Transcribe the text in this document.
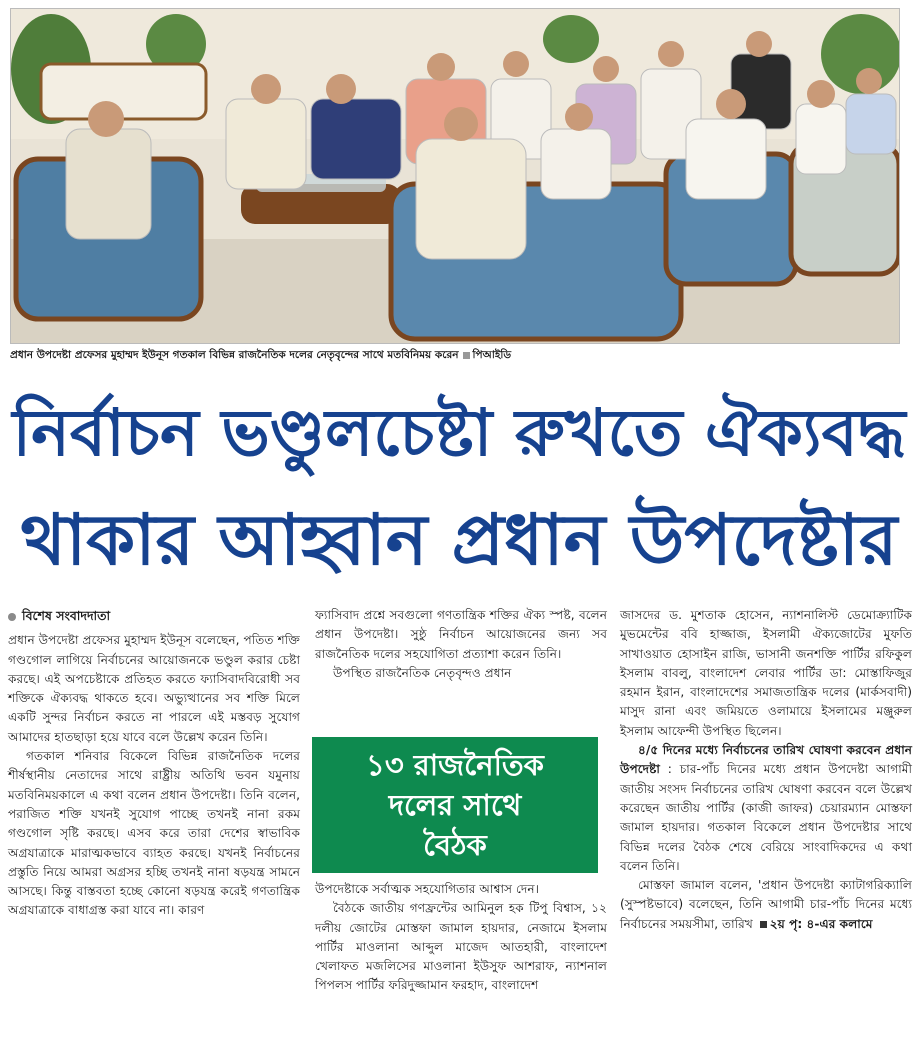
প্রধান উপদেষ্টা প্রফেসর মুহাম্মদ ইউনূস গতকাল বিভিন্ন রাজনৈতিক দলের নেতৃবৃন্দের সাথে মতবিনিময় করেন পিআইডি
নির্বাচন ভণ্ডুলচেষ্টা রুখতে ঐক্যবদ্ধ
থাকার আহ্বান প্রধান উপদেষ্টার
বিশেষ সংবাদদাতা

প্রধান উপদেষ্টা প্রফেসর মুহাম্মদ ইউনূস বলেছেন, পতিত শক্তি গণ্ডগোল লাগিয়ে নির্বাচনের আয়োজনকে ভণ্ডুল করার চেষ্টা করছে। এই অপচেষ্টাকে প্রতিহত করতে ফ্যাসিবাদবিরোধী সব শক্তিকে ঐক্যবদ্ধ থাকতে হবে। অভ্যুত্থানের সব শক্তি মিলে একটি সুন্দর নির্বাচন করতে না পারলে এই মস্তবড় সুযোগ আমাদের হাতছাড়া হয়ে যাবে বলে উল্লেখ করেন তিনি।

গতকাল শনিবার বিকেলে বিভিন্ন রাজনৈতিক দলের শীর্ষস্থানীয় নেতাদের সাথে রাষ্ট্রীয় অতিথি ভবন যমুনায় মতবিনিময়কালে এ কথা বলেন প্রধান উপদেষ্টা। তিনি বলেন, পরাজিত শক্তি যখনই সুযোগ পাচ্ছে তখনই নানা রকম গণ্ডগোল সৃষ্টি করছে। এসব করে তারা দেশের স্বাভাবিক অগ্রযাত্রাকে মারাত্মকভাবে ব্যাহত করছে। যখনই নির্বাচনের প্রস্তুতি নিয়ে আমরা অগ্রসর হচ্ছি তখনই নানা ষড়যন্ত্র সামনে আসছে। কিন্তু বাস্তবতা হচ্ছে কোনো ষড়যন্ত্র করেই গণতান্ত্রিক অগ্রযাত্রাকে বাধাগ্রস্ত করা যাবে না। কারণ

ফ্যাসিবাদ প্রশ্নে সবগুলো গণতান্ত্রিক শক্তির ঐক্য স্পষ্ট, বলেন প্রধান উপদেষ্টা। সুষ্ঠু নির্বাচন আয়োজনের জন্য সব রাজনৈতিক দলের সহযোগিতা প্রত্যাশা করেন তিনি।

উপস্থিত রাজনৈতিক নেতৃবৃন্দও প্রধান

১৩ রাজনৈতিক
দলের সাথে
বৈঠক

উপদেষ্টাকে সর্বাত্মক সহযোগিতার আশ্বাস দেন।

বৈঠকে জাতীয় গণফ্রন্টের আমিনুল হক টিপু বিশ্বাস, ১২ দলীয় জোটের মোস্তফা জামাল হায়দার, নেজামে ইসলাম পার্টির মাওলানা আব্দুল মাজেদ আতহারী, বাংলাদেশ খেলাফত মজলিসের মাওলানা ইউসুফ আশরাফ, ন্যাশনাল পিপলস পার্টির ফরিদুজ্জামান ফরহাদ, বাংলাদেশ

জাসদের ড. মুশতাক হোসেন, ন্যাশনালিস্ট ডেমোক্র্যাটিক মুভমেন্টের ববি হাজ্জাজ, ইসলামী ঐক্যজোটের মুফতি সাখাওয়াত হোসাইন রাজি, ভাসানী জনশক্তি পার্টির রফিকুল ইসলাম বাবলু, বাংলাদেশ লেবার পার্টির ডা: মোস্তাফিজুর রহমান ইরান, বাংলাদেশের সমাজতান্ত্রিক দলের (মার্কসবাদী) মাসুদ রানা এবং জমিয়তে ওলামায়ে ইসলামের মঞ্জুরুল ইসলাম আফেন্দী উপস্থিত ছিলেন।

৪/৫ দিনের মধ্যে নির্বাচনের তারিখ ঘোষণা করবেন প্রধান উপদেষ্টা : চার-পাঁচ দিনের মধ্যে প্রধান উপদেষ্টা আগামী জাতীয় সংসদ নির্বাচনের তারিখ ঘোষণা করবেন বলে উল্লেখ করেছেন জাতীয় পার্টির (কাজী জাফর) চেয়ারম্যান মোস্তফা জামাল হায়দার। গতকাল বিকেলে প্রধান উপদেষ্টার সাথে বিভিন্ন দলের বৈঠক শেষে বেরিয়ে সাংবাদিকদের এ কথা বলেন তিনি।

মোস্তফা জামাল বলেন, 'প্রধান উপদেষ্টা ক্যাটাগরিক্যালি (সুস্পষ্টভাবে) বলেছেন, তিনি আগামী চার-পাঁচ দিনের মধ্যে নির্বাচনের সময়সীমা, তারিখ ২য় পৃ: ৪-এর কলামে
